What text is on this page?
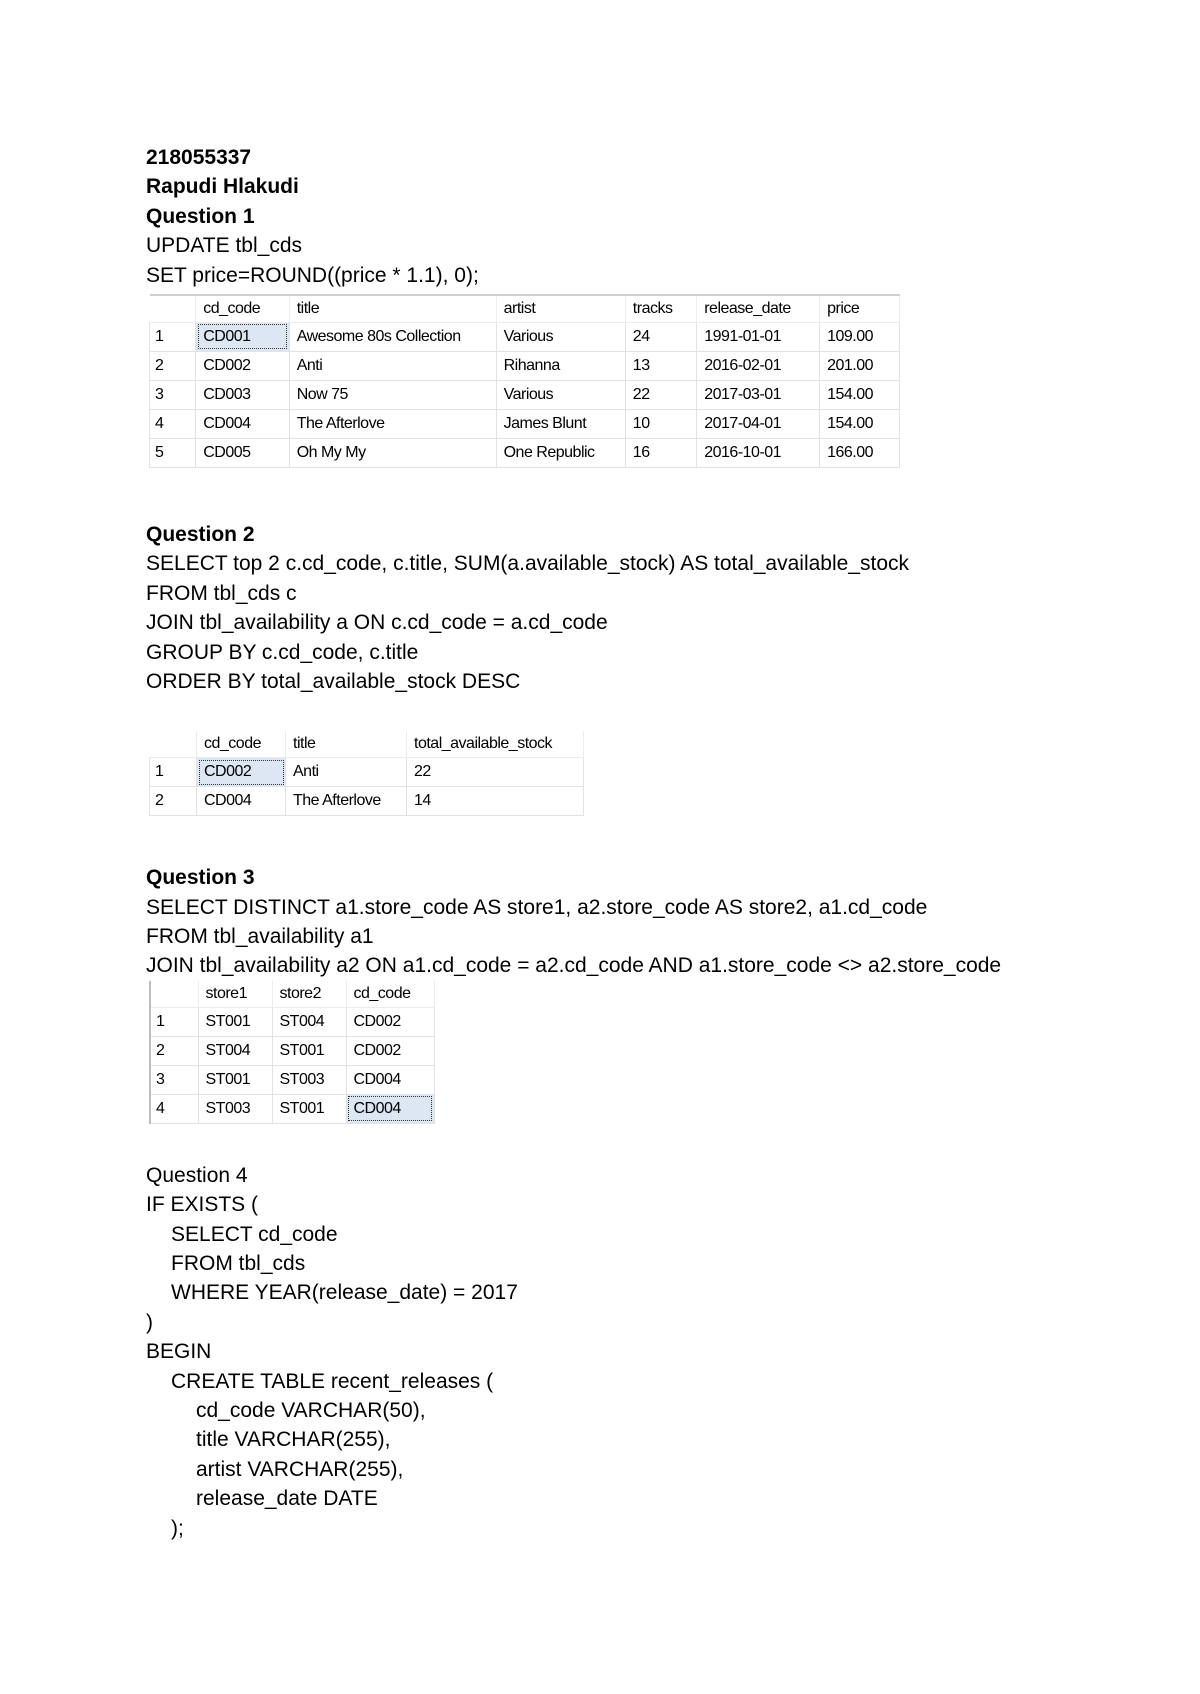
218055337
Rapudi Hlakudi
Question 1
UPDATE tbl_cds
SET price=ROUND((price * 1.1), 0);
	cd_code	title	artist	tracks	release_date	price
1	CD001	Awesome 80s Collection	Various	24	1991-01-01	109.00
2	CD002	Anti	Rihanna	13	2016-02-01	201.00
3	CD003	Now 75	Various	22	2017-03-01	154.00
4	CD004	The Afterlove	James Blunt	10	2017-04-01	154.00
5	CD005	Oh My My	One Republic	16	2016-10-01	166.00
Question 2
SELECT top 2 c.cd_code, c.title, SUM(a.available_stock) AS total_available_stock
FROM tbl_cds c
JOIN tbl_availability a ON c.cd_code = a.cd_code
GROUP BY c.cd_code, c.title
ORDER BY total_available_stock DESC
	cd_code	title	total_available_stock
1	CD002	Anti	22
2	CD004	The Afterlove	14
Question 3
SELECT DISTINCT a1.store_code AS store1, a2.store_code AS store2, a1.cd_code
FROM tbl_availability a1
JOIN tbl_availability a2 ON a1.cd_code = a2.cd_code AND a1.store_code <> a2.store_code
	store1	store2	cd_code
1	ST001	ST004	CD002
2	ST004	ST001	CD002
3	ST001	ST003	CD004
4	ST003	ST001	CD004
Question 4
IF EXISTS (
SELECT cd_code
FROM tbl_cds
WHERE YEAR(release_date) = 2017
)
BEGIN
CREATE TABLE recent_releases (
cd_code VARCHAR(50),
title VARCHAR(255),
artist VARCHAR(255),
release_date DATE
);
